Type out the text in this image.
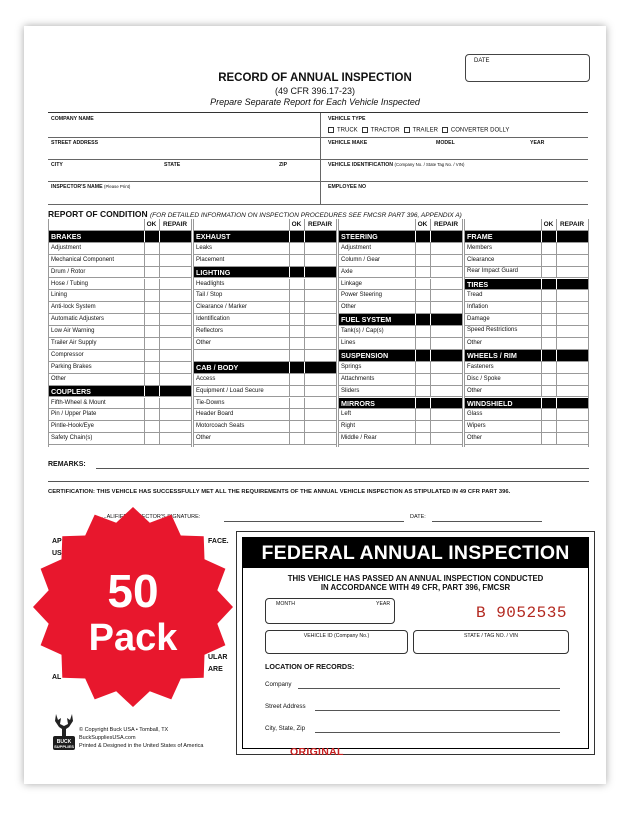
DATE
RECORD OF ANNUAL INSPECTION
(49 CFR 396.17-23)
Prepare Separate Report for Each Vehicle Inspected
COMPANY NAME	VEHICLE TYPE
TRUCK	TRACTOR	TRAILER	CONVERTER DOLLY
STREET ADDRESS	VEHICLE MAKE	MODEL	YEAR
CITY	STATE	ZIP	VEHICLE IDENTIFICATION (Company No. / State Tag No. / VIN)
INSPECTOR'S NAME (Please Print)	EMPLOYEE NO
REPORT OF CONDITION (FOR DETAILED INFORMATION ON INSPECTION PROCEDURES SEE FMCSR PART 396, APPENDIX A)
OK	REPAIR
BRAKES
Adjustment
Mechanical Component
Drum / Rotor
Hose / Tubing
Lining
Anti-lock System
Automatic Adjusters
Low Air Warning
Trailer Air Supply
Compressor
Parking Brakes
Other
COUPLERS
Fifth-Wheel & Mount
Pin / Upper Plate
Pintle-Hook/Eye
Safety Chain(s)
OK	REPAIR
EXHAUST
Leaks
Placement
LIGHTING
Headlights
Tail / Stop
Clearance / Marker
Identification
Reflectors
Other
CAB / BODY
Access
Equipment / Load Secure
Tie-Downs
Header Board
Motorcoach Seats
Other
OK	REPAIR
STEERING
Adjustment
Column / Gear
Axle
Linkage
Power Steering
Other
FUEL SYSTEM
Tank(s) / Cap(s)
Lines
SUSPENSION
Springs
Attachments
Sliders
MIRRORS
Left
Right
Middle / Rear
OK	REPAIR
FRAME
Members
Clearance
Rear Impact Guard
TIRES
Tread
Inflation
Damage
Speed Restrictions
Other
WHEELS / RIM
Fasteners
Disc / Spoke
Other
WINDSHIELD
Glass
Wipers
Other
REMARKS:
CERTIFICATION: THIS VEHICLE HAS SUCCESSFULLY MET ALL THE REQUIREMENTS OF THE ANNUAL VEHICLE INSPECTION AS STIPULATED IN 49 CFR PART 396.
...ALIFIED INSPECTOR'S SIGNATURE:	DATE:
AP
US
AL
FACE.
ULAR
ARE
FEDERAL ANNUAL INSPECTION
THIS VEHICLE HAS PASSED AN ANNUAL INSPECTION CONDUCTED
IN ACCORDANCE WITH 49 CFR, PART 396, FMCSR
MONTH	YEAR	B 9052535
VEHICLE ID (Company No.)	STATE / TAG NO. / VIN
LOCATION OF RECORDS:
Company
Street Address
City, State, Zip
BUCK
SUPPLIES
© Copyright Buck USA • Tomball, TX
BuckSuppliesUSA.com
Printed & Designed in the United States of America	ORIGINAL
50
Pack
